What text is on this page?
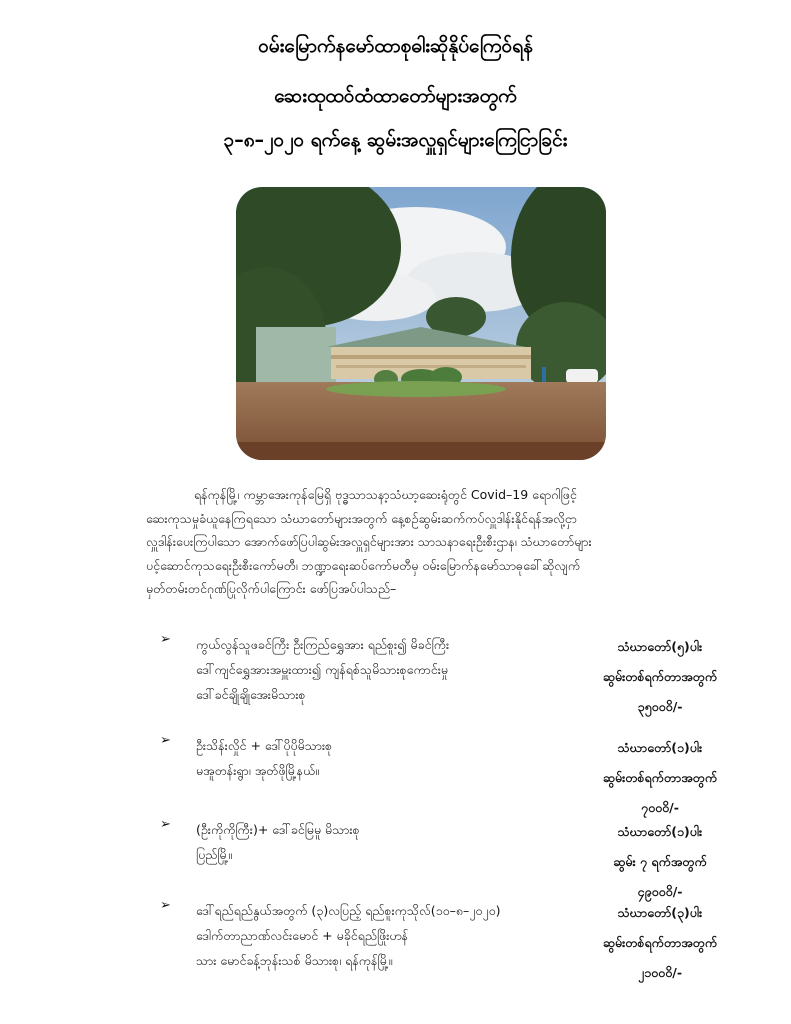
ဝမ်းမြောက်နမော်ထာစုဓါးဆိုနိုပ်ကြေဝ်ရန်
ဆေးထုထဝ်ထံထာတော်များအတွက်
၃–၈–၂၀၂၀ ရက်နေ့ ဆွမ်းအလှူရှင်များကြေငြာခြင်း
ရန်ကုန်မြို့၊ ကမ္ဘာအေးကုန်မြေရှိ ဗုဒ္ဓသာသနာ့သံဃာ့ဆေးရုံတွင် Covid–19 ရောဂါဖြင့်
ဆေးကုသမှုခံယူနေကြရသော သံဃာတော်များအတွက် နေ့စဉ်ဆွမ်းဆက်ကပ်လှူဒါန်းနိုင်ရန်အလို့ငှာ
လှူဒါန်းပေးကြပါသော အောက်ဖော်ပြပါဆွမ်းအလှူရှင်များအား သာသနာရေးဦးစီးဌာန၊ သံဃာတော်များ
ပင့်ဆောင်ကုသရေးဦးစီးကော်မတီ၊ ဘဏ္ဍာရေးဆပ်ကော်မတီမှ ဝမ်းမြောက်နမော်သာဓုခေါ်ဆိုလျက်
မှတ်တမ်းတင်ဂုဏ်ပြုလိုက်ပါကြောင်း ဖော်ပြအပ်ပါသည်–
➢ ကွယ်လွန်သူဖခင်ကြီး ဦးကြည်ရွှေအား ရည်စူး၍ မိခင်ကြီး
ဒေါ်ကျင်ရွှေအားအမှူးထား၍ ကျန်ရစ်သူမိသားစုကောင်းမှု
ဒေါ်ခင်ချိုချိုအေးမိသားစု
သံဃာတော်(၅)ပါး
ဆွမ်းတစ်ရက်တာအတွက်
၃၅၀၀၀ိ/-
➢ ဦးသိန်းလှိုင် + ဒေါ်ပိုပိုမိသားစု
မအူတန်းရွာ၊ အုတ်ဖိုမြို့နယ်။
သံဃာတော်(၁)ပါး
ဆွမ်းတစ်ရက်တာအတွက်
၇၀၀၀ိ/-
➢ (ဦးကိုကိုကြီး)+ ဒေါ်ခင်မြမူ မိသားစု
ပြည်မြို့။
သံဃာတော်(၁)ပါး
ဆွမ်း ၇ ရက်အတွက်
၄၉၀၀၀ိ/-
➢ ဒေါ်ရည်ရည်နွယ်အတွက် (၃)လပြည့် ရည်စူးကုသိုလ်(၁၀–၈–၂၀၂၀)
ဒေါက်တာညာဏ်လင်းမောင် + မခိုင်ရည်ဖြိုးဟန်
သား မောင်ခန့်ဘုန်းသစ် မိသားစု၊ ရန်ကုန်မြို့။
သံဃာတော်(၃)ပါး
ဆွမ်းတစ်ရက်တာအတွက်
၂၁၀၀၀ိ/-
